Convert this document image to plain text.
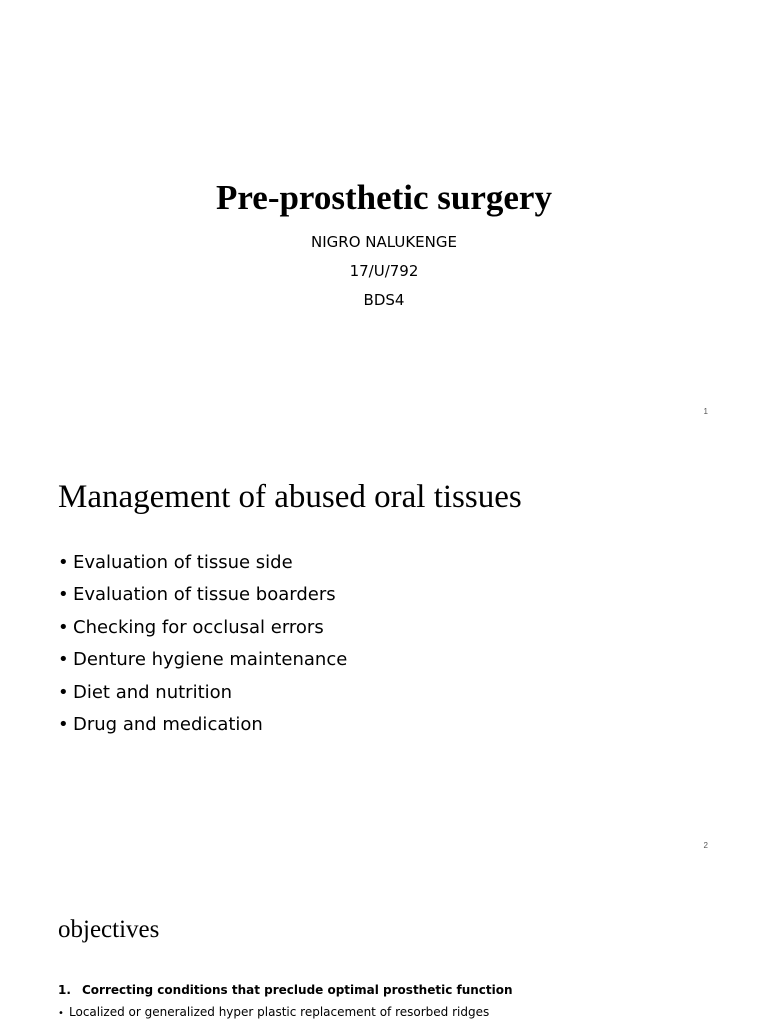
Pre-prosthetic surgery
NIGRO NALUKENGE
17/U/792
BDS4
1
Management of abused oral tissues
• Evaluation of tissue side
• Evaluation of tissue boarders
• Checking for occlusal errors
• Denture hygiene maintenance
• Diet and nutrition
• Drug and medication
2
objectives
1. Correcting conditions that preclude optimal prosthetic function
• Localized or generalized hyper plastic replacement of resorbed ridges
